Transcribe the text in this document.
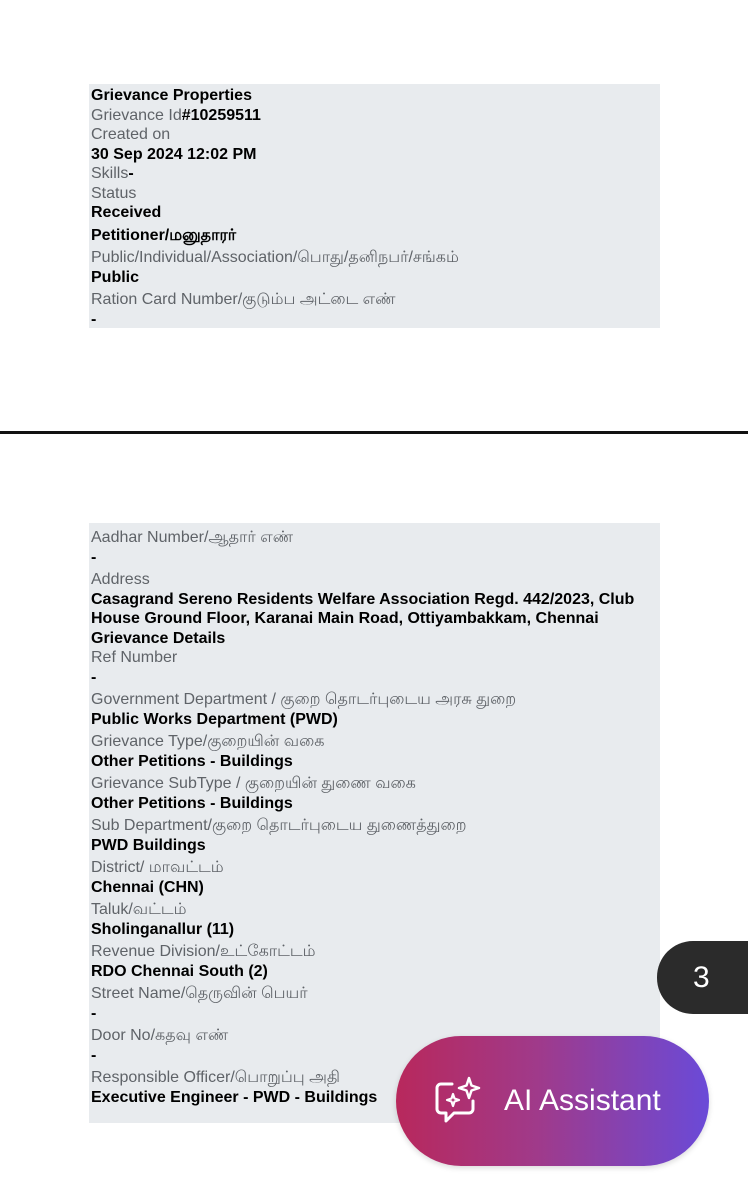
Grievance Properties
Grievance Id#10259511
Created on
30 Sep 2024 12:02 PM
Skills-
Status
Received
Petitioner/மனுதாரர்
Public/Individual/Association/பொது/தனிநபர்/சங்கம்
Public
Ration Card Number/குடும்ப அட்டை எண்
-
Aadhar Number/ஆதார் எண்
-
Address
Casagrand Sereno Residents Welfare Association Regd. 442/2023, Club House Ground Floor, Karanai Main Road, Ottiyambakkam, Chennai
Grievance Details
Ref Number
-
Government Department / குறை தொடர்புடைய அரசு துறை
Public Works Department (PWD)
Grievance Type/குறையின் வகை
Other Petitions - Buildings
Grievance SubType / குறையின் துணை வகை
Other Petitions - Buildings
Sub Department/குறை தொடர்புடைய துணைத்துறை
PWD Buildings
District/ மாவட்டம்
Chennai (CHN)
Taluk/வட்டம்
Sholinganallur (11)
Revenue Division/உட்கோட்டம்
RDO Chennai South (2)
Street Name/தெருவின் பெயர்
-
Door No/கதவு எண்
-
Responsible Officer/பொறுப்பு அதி
Executive Engineer - PWD - Buildings
3
AI Assistant
